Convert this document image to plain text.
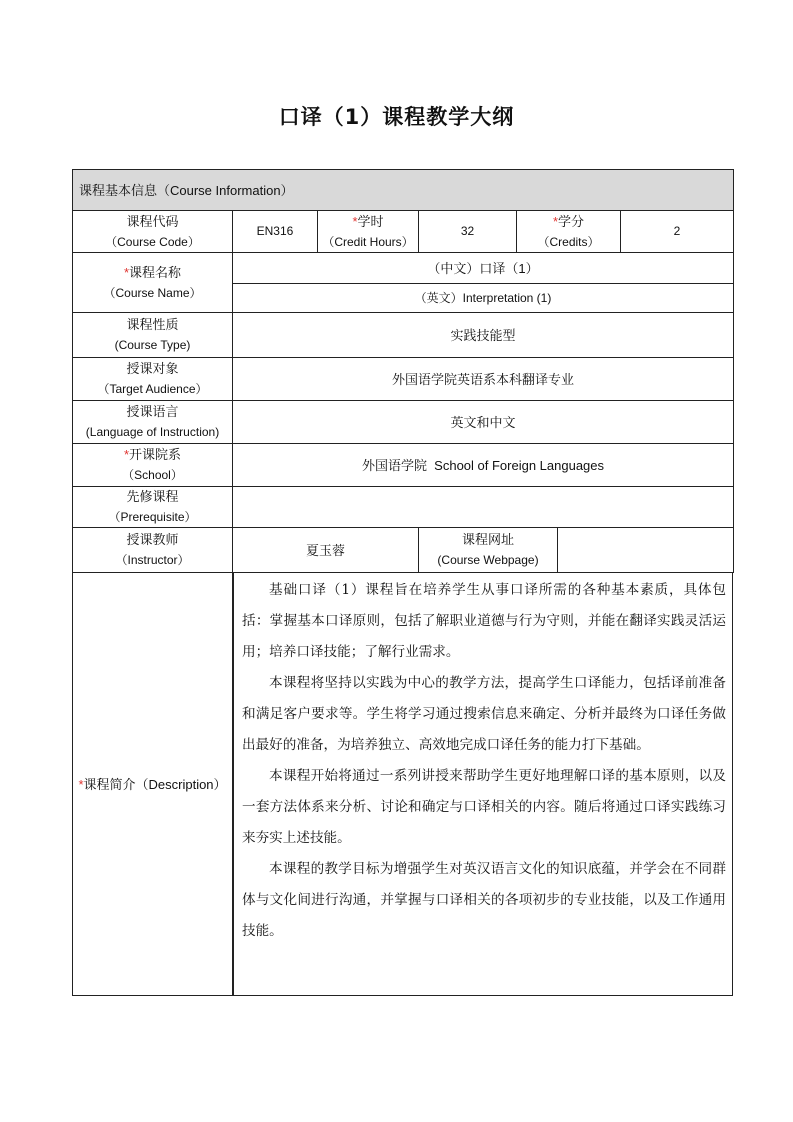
口译（1）课程教学大纲
课程基本信息（Course Information）
课程代码
（Course Code）
EN316
*学时
（Credit Hours）
32
*学分
（Credits）
2
*课程名称
（Course Name）
（中文）口译（1）
（英文）Interpretation (1)
课程性质
(Course Type)
实践技能型
授课对象
（Target Audience）
外国语学院英语系本科翻译专业
授课语言
(Language of Instruction)
英文和中文
*开课院系
（School）
外国语学院  School of Foreign Languages
先修课程
（Prerequisite）
授课教师
（Instructor）
夏玉蓉
课程网址
(Course Webpage)
*课程简介（Description）

基础口译（1）课程旨在培养学生从事口译所需的各种基本素质，具体包括：掌握基本口译原则，包括了解职业道德与行为守则，并能在翻译实践灵活运用；培养口译技能；了解行业需求。

本课程将坚持以实践为中心的教学方法，提高学生口译能力，包括译前准备和满足客户要求等。学生将学习通过搜索信息来确定、分析并最终为口译任务做出最好的准备，为培养独立、高效地完成口译任务的能力打下基础。

本课程开始将通过一系列讲授来帮助学生更好地理解口译的基本原则，以及一套方法体系来分析、讨论和确定与口译相关的内容。随后将通过口译实践练习来夯实上述技能。

本课程的教学目标为增强学生对英汉语言文化的知识底蕴，并学会在不同群体与文化间进行沟通，并掌握与口译相关的各项初步的专业技能，以及工作通用技能。
